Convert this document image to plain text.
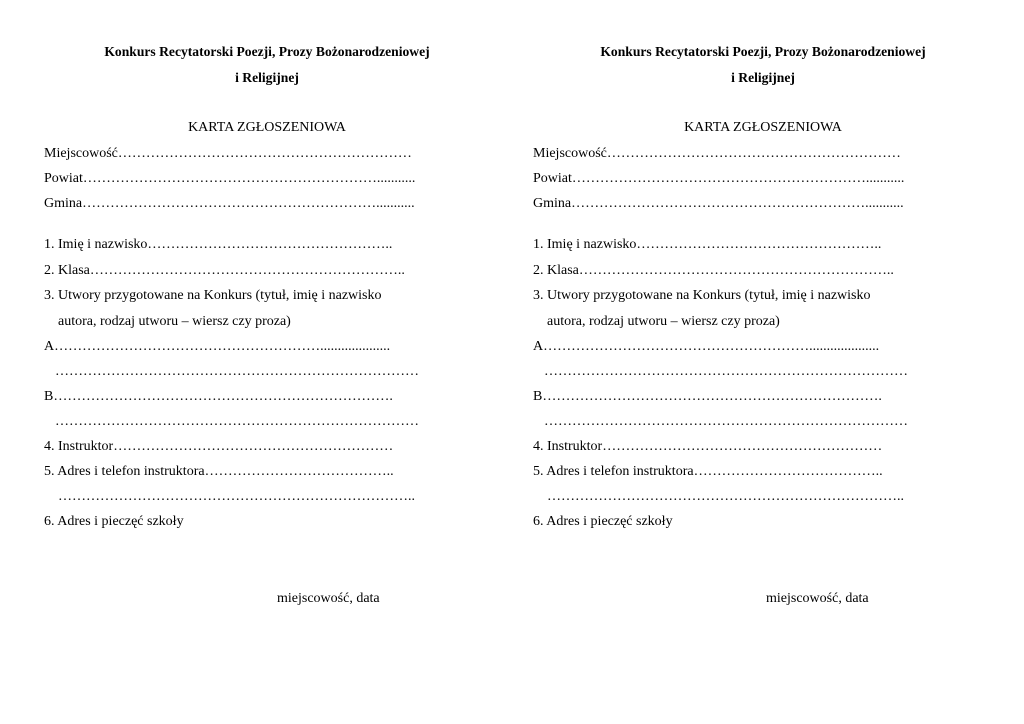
Konkurs Recytatorski Poezji, Prozy Bożonarodzeniowej
i Religijnej
KARTA ZGŁOSZENIOWA
Miejscowość………………………………………………………
Powiat………………………………………………………...........
Gmina………………………………………………………...........
1. Imię i nazwisko……………………………………………..
2. Klasa…………………………………………………………..
3. Utwory przygotowane na Konkurs (tytuł, imię i nazwisko
autora, rodzaj utworu – wiersz czy proza)
A…………………………………………………....................
……………………………………………………………………
B……………………………………………………………….
……………………………………………………………………
4. Instruktor……………………………………………………
5. Adres i telefon instruktora…………………………………..
…………………………………………………………………..
6. Adres i pieczęć szkoły
miejscowość, data
Konkurs Recytatorski Poezji, Prozy Bożonarodzeniowej
i Religijnej
KARTA ZGŁOSZENIOWA
Miejscowość………………………………………………………
Powiat………………………………………………………...........
Gmina………………………………………………………...........
1. Imię i nazwisko……………………………………………..
2. Klasa…………………………………………………………..
3. Utwory przygotowane na Konkurs (tytuł, imię i nazwisko
autora, rodzaj utworu – wiersz czy proza)
A…………………………………………………....................
……………………………………………………………………
B……………………………………………………………….
……………………………………………………………………
4. Instruktor……………………………………………………
5. Adres i telefon instruktora…………………………………..
…………………………………………………………………..
6. Adres i pieczęć szkoły
miejscowość, data
